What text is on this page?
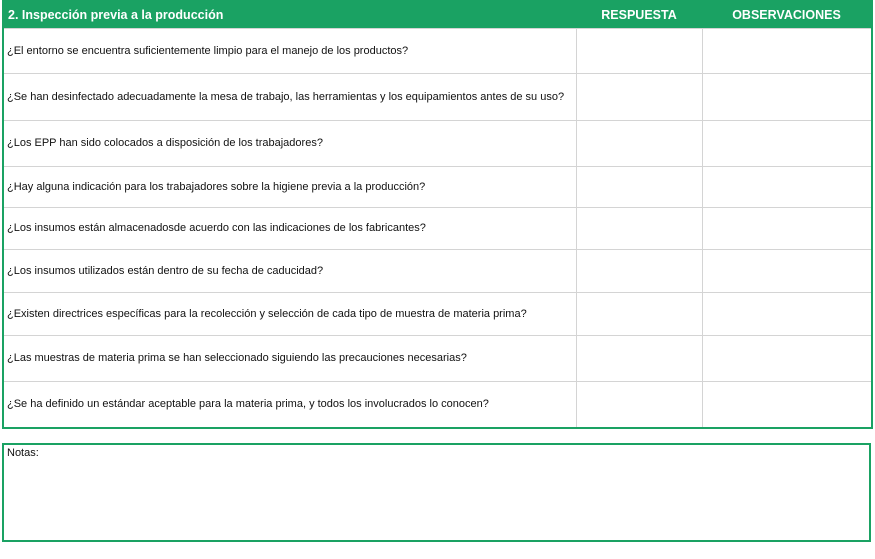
2. Inspección previa a la producción	RESPUESTA	OBSERVACIONES
¿El entorno se encuentra suficientemente limpio para el manejo de los productos?		
¿Se han desinfectado adecuadamente la mesa de trabajo, las herramientas y los equipamientos antes de su uso?		
¿Los EPP han sido colocados a disposición de los trabajadores?		
¿Hay alguna indicación para los trabajadores sobre la higiene previa a la producción?		
¿Los insumos están almacenadosde acuerdo con las indicaciones de los fabricantes?		
¿Los insumos utilizados están dentro de su fecha de caducidad?		
¿Existen directrices específicas para la recolección y selección de cada tipo de muestra de materia prima?		
¿Las muestras de materia prima se han seleccionado siguiendo las precauciones necesarias?		
¿Se ha definido un estándar aceptable para la materia prima, y todos los involucrados lo conocen?		
Notas:
